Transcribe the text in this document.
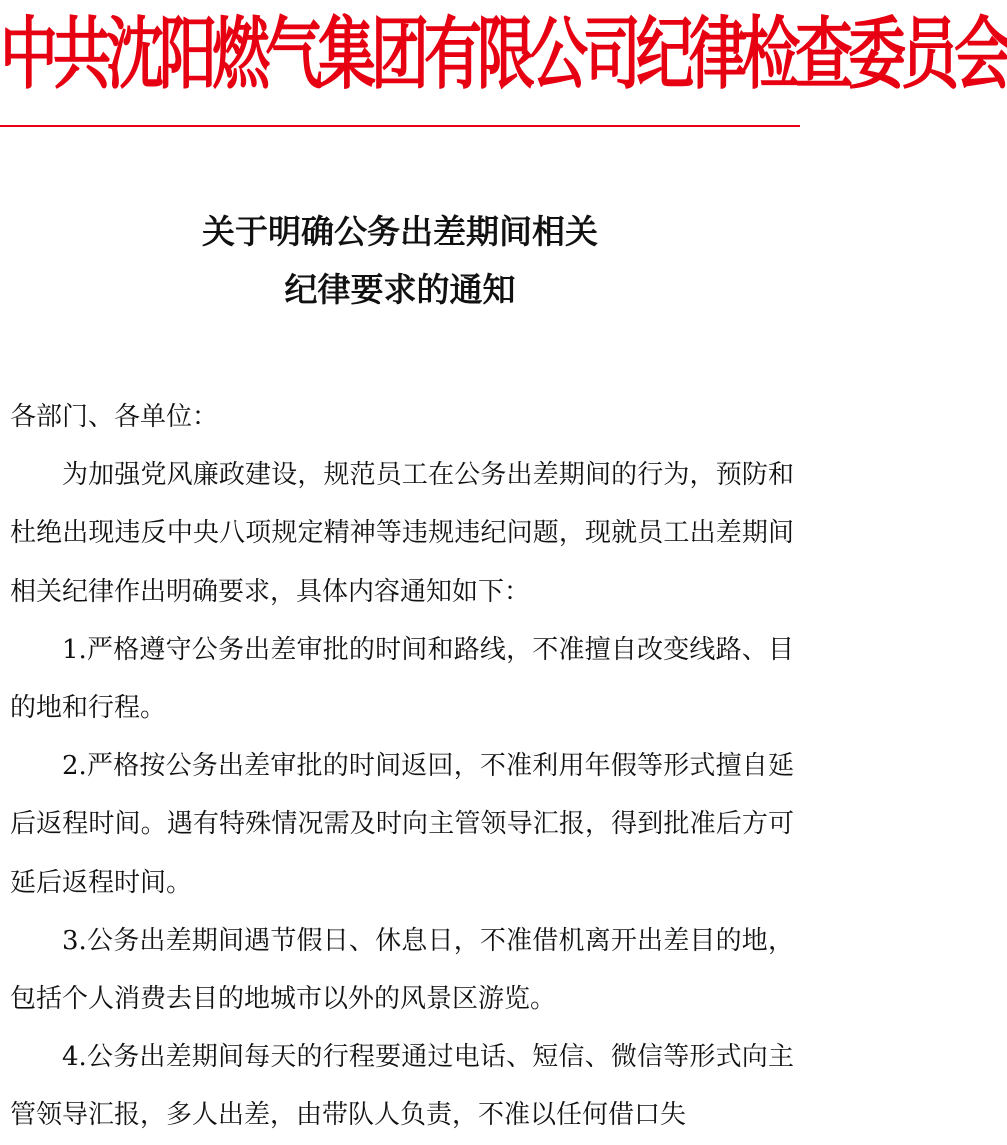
中共沈阳燃气集团有限公司纪律检查委员会
关于明确公务出差期间相关
纪律要求的通知

各部门、各单位：

为加强党风廉政建设，规范员工在公务出差期间的行为，预防和杜绝出现违反中央八项规定精神等违规违纪问题，现就员工出差期间相关纪律作出明确要求，具体内容通知如下：

1.严格遵守公务出差审批的时间和路线，不准擅自改变线路、目的地和行程。

2.严格按公务出差审批的时间返回，不准利用年假等形式擅自延后返程时间。遇有特殊情况需及时向主管领导汇报，得到批准后方可延后返程时间。

3.公务出差期间遇节假日、休息日，不准借机离开出差目的地，包括个人消费去目的地城市以外的风景区游览。

4.公务出差期间每天的行程要通过电话、短信、微信等形式向主管领导汇报，多人出差，由带队人负责，不准以任何借口失
